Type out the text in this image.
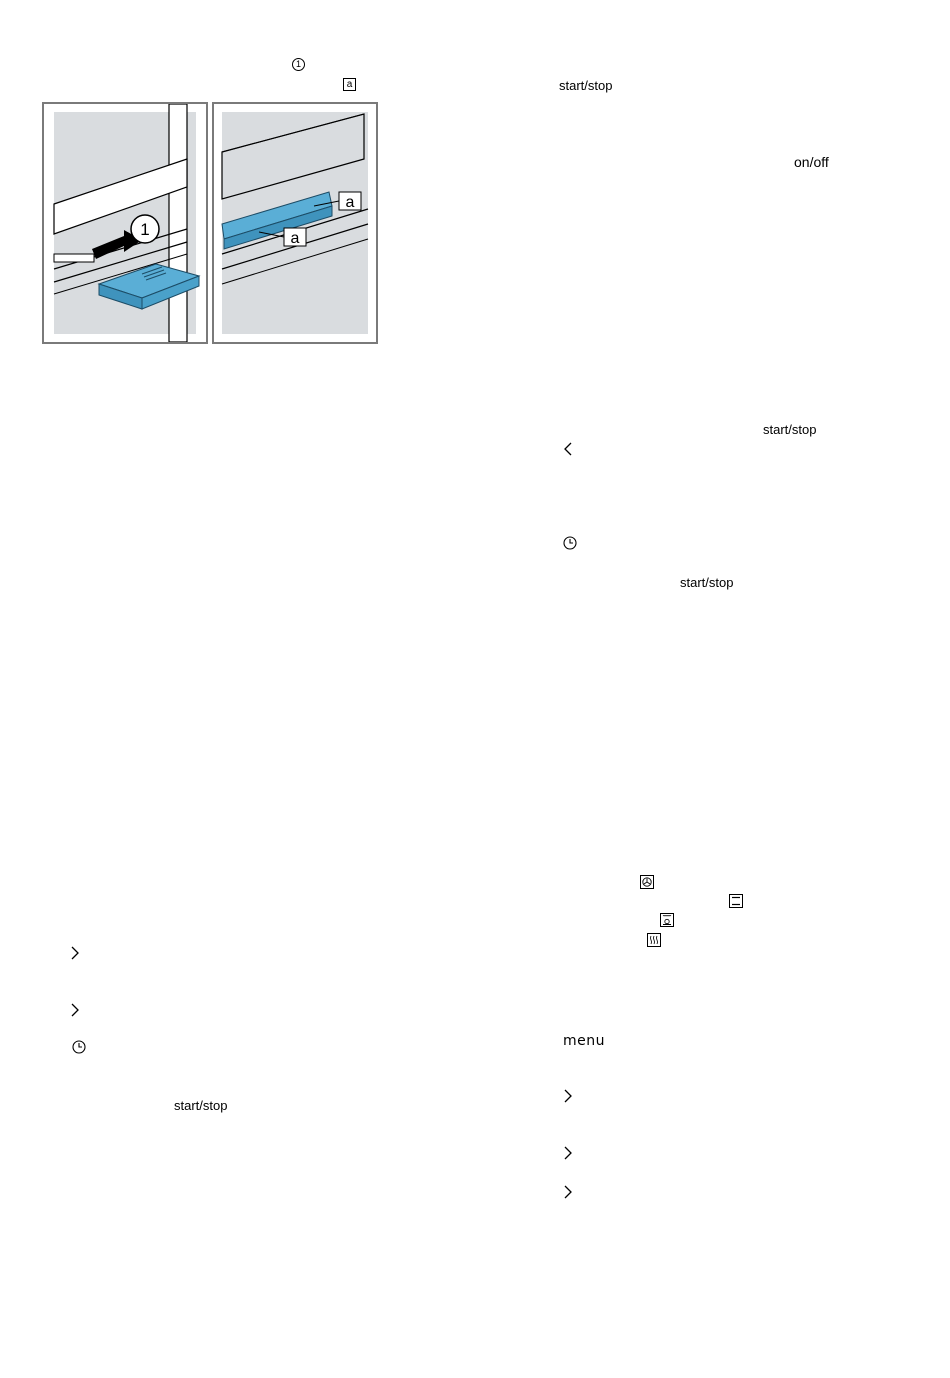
1
a
1
a
a
start/stop
start/stop
on/off
start/stop
start/stop
menu
